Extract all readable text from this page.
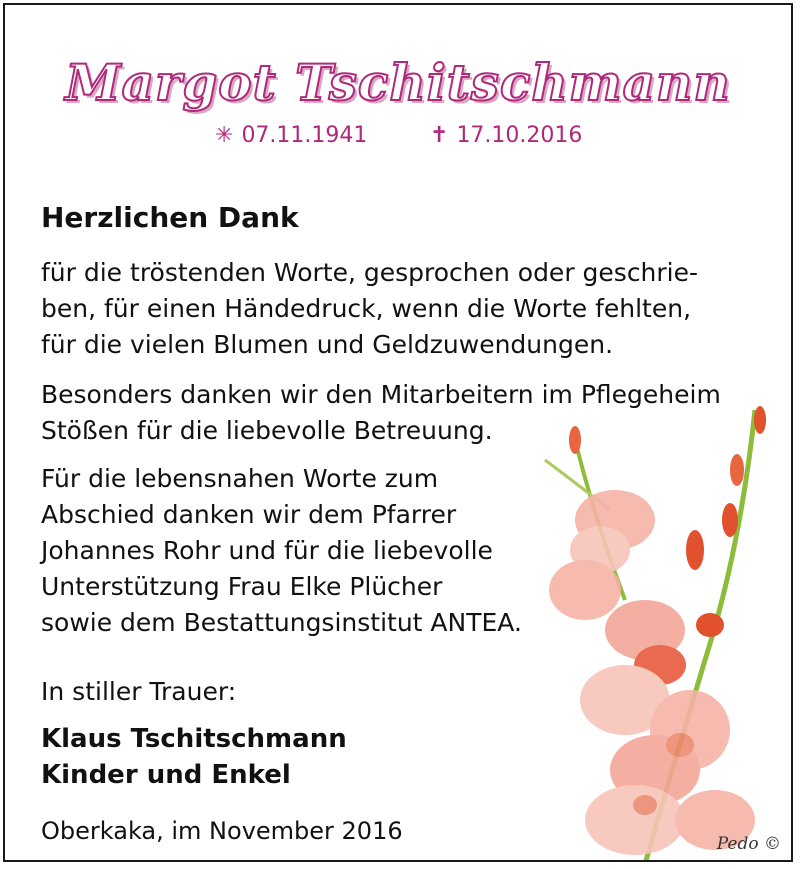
Margot Tschitschmann
✳ 07.11.1941	✝ 17.10.2016
Herzlichen Dank
für die tröstenden Worte, gesprochen oder geschrie-
ben, für einen Händedruck, wenn die Worte fehlten,
für die vielen Blumen und Geldzuwendungen.
Besonders danken wir den Mitarbeitern im Pflegeheim
Stößen für die liebevolle Betreuung.
Für die lebensnahen Worte zum
Abschied danken wir dem Pfarrer
Johannes Rohr und für die liebevolle
Unterstützung Frau Elke Plücher
sowie dem Bestattungsinstitut ANTEA.
In stiller Trauer:
Klaus Tschitschmann
Kinder und Enkel
Oberkaka, im November 2016	Pedo ©
